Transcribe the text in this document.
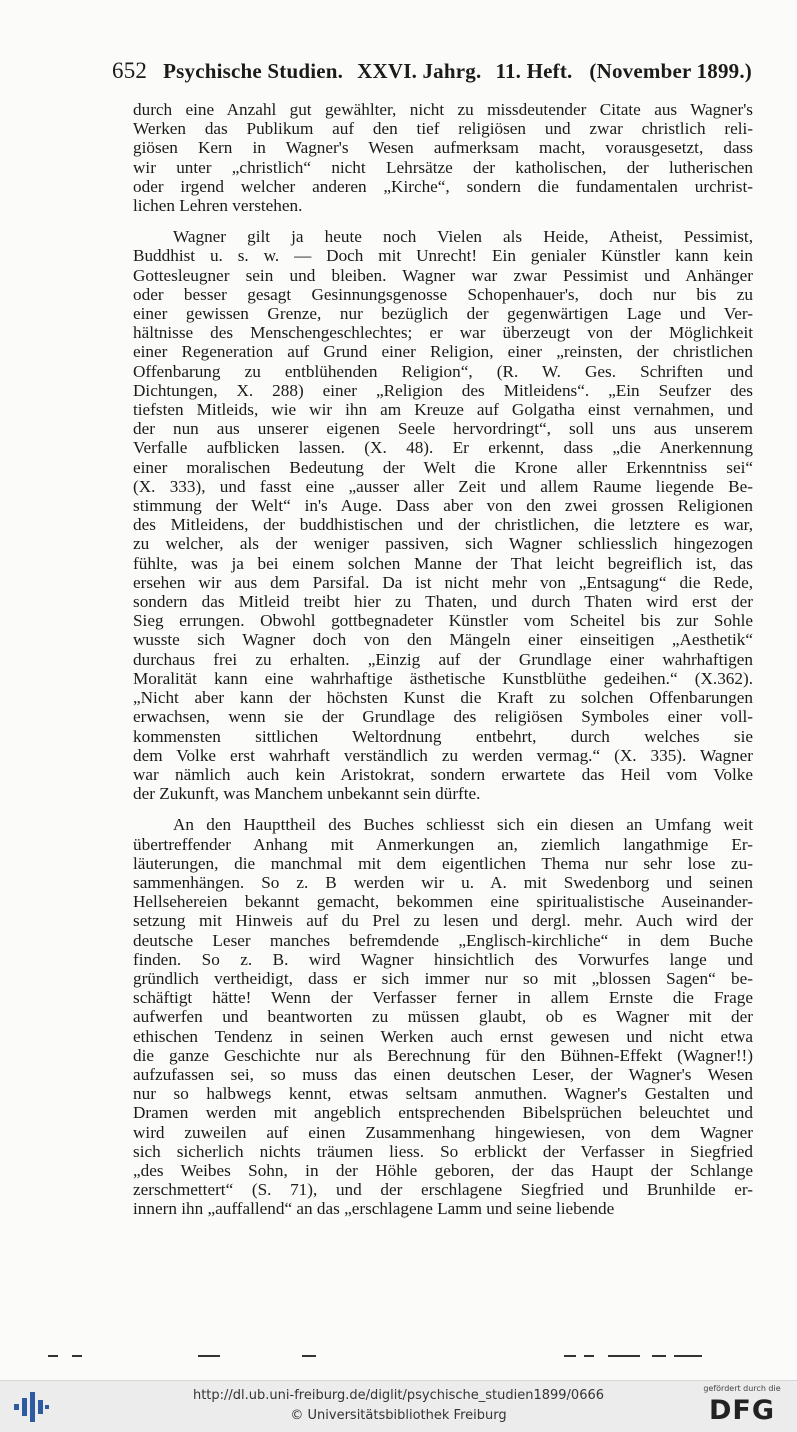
652 Psychische Studien. XXVI. Jahrg. 11. Heft. (November 1899.)
durch eine Anzahl gut gewählter, nicht zu missdeutender Citate aus Wagner's
Werken das Publikum auf den tief religiösen und zwar christlich reli-
giösen Kern in Wagner's Wesen aufmerksam macht, vorausgesetzt, dass
wir unter „christlich“ nicht Lehrsätze der katholischen, der lutherischen
oder irgend welcher anderen „Kirche“, sondern die fundamentalen urchrist-
lichen Lehren verstehen.
Wagner gilt ja heute noch Vielen als Heide, Atheist, Pessimist,
Buddhist u. s. w. — Doch mit Unrecht! Ein genialer Künstler kann kein
Gottesleugner sein und bleiben. Wagner war zwar Pessimist und Anhänger
oder besser gesagt Gesinnungsgenosse Schopenhauer's, doch nur bis zu
einer gewissen Grenze, nur bezüglich der gegenwärtigen Lage und Ver-
hältnisse des Menschengeschlechtes; er war überzeugt von der Möglichkeit
einer Regeneration auf Grund einer Religion, einer „reinsten, der christlichen
Offenbarung zu entblühenden Religion“, (R. W. Ges. Schriften und
Dichtungen, X. 288) einer „Religion des Mitleidens“. „Ein Seufzer des
tiefsten Mitleids, wie wir ihn am Kreuze auf Golgatha einst vernahmen, und
der nun aus unserer eigenen Seele hervordringt“, soll uns aus unserem
Verfalle aufblicken lassen. (X. 48). Er erkennt, dass „die Anerkennung
einer moralischen Bedeutung der Welt die Krone aller Erkenntniss sei“
(X. 333), und fasst eine „ausser aller Zeit und allem Raume liegende Be-
stimmung der Welt“ in's Auge. Dass aber von den zwei grossen Religionen
des Mitleidens, der buddhistischen und der christlichen, die letztere es war,
zu welcher, als der weniger passiven, sich Wagner schliesslich hingezogen
fühlte, was ja bei einem solchen Manne der That leicht begreiflich ist, das
ersehen wir aus dem Parsifal. Da ist nicht mehr von „Entsagung“ die Rede,
sondern das Mitleid treibt hier zu Thaten, und durch Thaten wird erst der
Sieg errungen. Obwohl gottbegnadeter Künstler vom Scheitel bis zur Sohle
wusste sich Wagner doch von den Mängeln einer einseitigen „Aesthetik“
durchaus frei zu erhalten. „Einzig auf der Grundlage einer wahrhaftigen
Moralität kann eine wahrhaftige ästhetische Kunstblüthe gedeihen.“ (X.362).
„Nicht aber kann der höchsten Kunst die Kraft zu solchen Offenbarungen
erwachsen, wenn sie der Grundlage des religiösen Symboles einer voll-
kommensten sittlichen Weltordnung entbehrt, durch welches sie
dem Volke erst wahrhaft verständlich zu werden vermag.“ (X. 335). Wagner
war nämlich auch kein Aristokrat, sondern erwartete das Heil vom Volke
der Zukunft, was Manchem unbekannt sein dürfte.
An den Haupttheil des Buches schliesst sich ein diesen an Umfang weit
übertreffender Anhang mit Anmerkungen an, ziemlich langathmige Er-
läuterungen, die manchmal mit dem eigentlichen Thema nur sehr lose zu-
sammenhängen. So z. B werden wir u. A. mit Swedenborg und seinen
Hellsehereien bekannt gemacht, bekommen eine spiritualistische Auseinander-
setzung mit Hinweis auf du Prel zu lesen und dergl. mehr. Auch wird der
deutsche Leser manches befremdende „Englisch-kirchliche“ in dem Buche
finden. So z. B. wird Wagner hinsichtlich des Vorwurfes lange und
gründlich vertheidigt, dass er sich immer nur so mit „blossen Sagen“ be-
schäftigt hätte! Wenn der Verfasser ferner in allem Ernste die Frage
aufwerfen und beantworten zu müssen glaubt, ob es Wagner mit der
ethischen Tendenz in seinen Werken auch ernst gewesen und nicht etwa
die ganze Geschichte nur als Berechnung für den Bühnen-Effekt (Wagner!!)
aufzufassen sei, so muss das einen deutschen Leser, der Wagner's Wesen
nur so halbwegs kennt, etwas seltsam anmuthen. Wagner's Gestalten und
Dramen werden mit angeblich entsprechenden Bibelsprüchen beleuchtet und
wird zuweilen auf einen Zusammenhang hingewiesen, von dem Wagner
sich sicherlich nichts träumen liess. So erblickt der Verfasser in Siegfried
„des Weibes Sohn, in der Höhle geboren, der das Haupt der Schlange
zerschmettert“ (S. 71), und der erschlagene Siegfried und Brunhilde er-
innern ihn „auffallend“ an das „erschlagene Lamm und seine liebende
http://dl.ub.uni-freiburg.de/diglit/psychische_studien1899/0666
© Universitätsbibliothek Freiburg
gefördert durch die
DFG
